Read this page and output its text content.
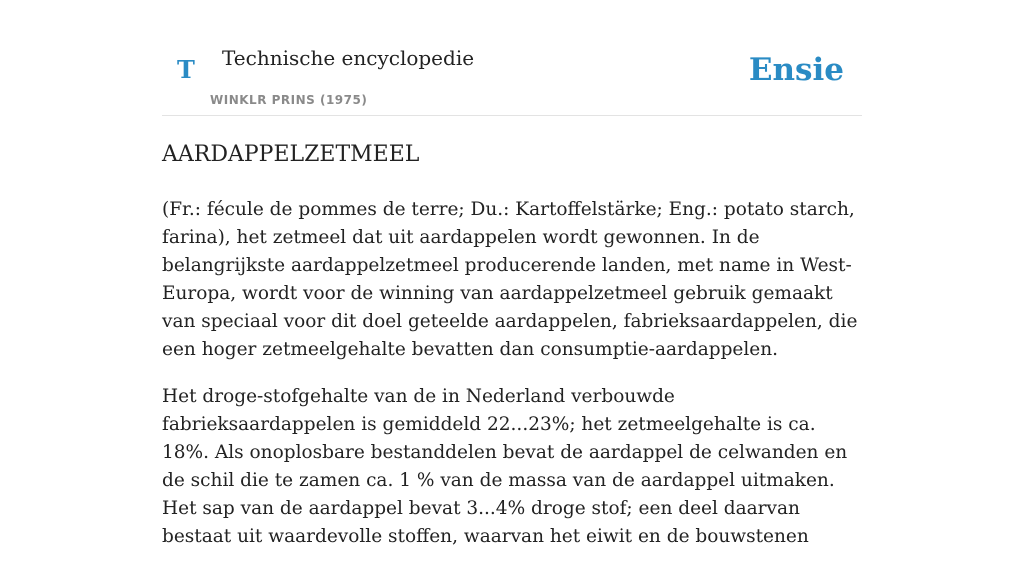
T Technische encyclopedie
WINKLR PRINS (1975)
Ensie
AARDAPPELZETMEEL

(Fr.: fécule de pommes de terre; Du.: Kartoffelstärke; Eng.: potato starch, farina), het zetmeel dat uit aardappelen wordt gewonnen. In de belangrijkste aardappelzetmeel producerende landen, met name in West-Europa, wordt voor de winning van aardappelzetmeel gebruik gemaakt van speciaal voor dit doel geteelde aardappelen, fabrieksaardappelen, die een hoger zetmeelgehalte bevatten dan consumptie-aardappelen.

Het droge-stofgehalte van de in Nederland verbouwde fabrieksaardappelen is gemiddeld 22...23%; het zetmeelgehalte is ca. 18%. Als onoplosbare bestanddelen bevat de aardappel de celwanden en de schil die te zamen ca. 1 % van de massa van de aardappel uitmaken. Het sap van de aardappel bevat 3...4% droge stof; een deel daarvan bestaat uit waardevolle stoffen, waarvan het eiwit en de bouwstenen
